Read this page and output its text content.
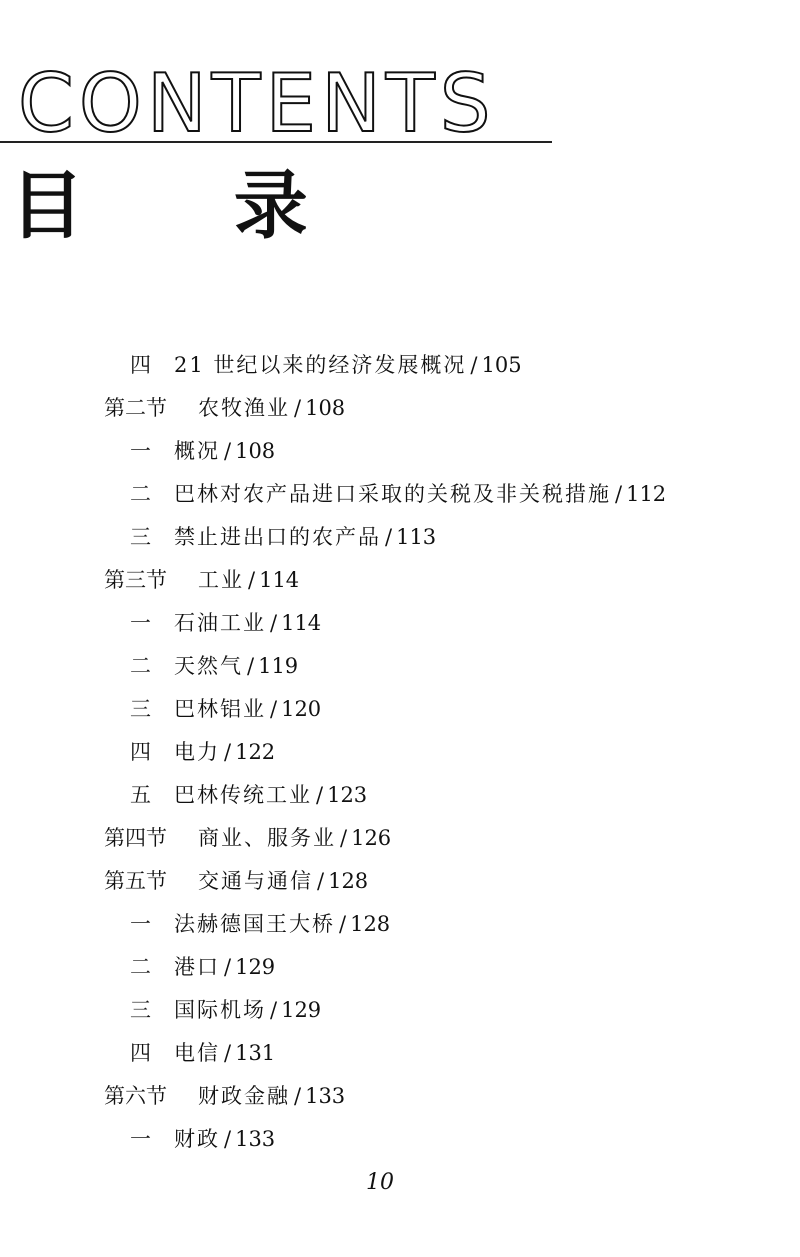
CONTENTS
目 录
四 21 世纪以来的经济发展概况 / 105
第二节 农牧渔业 / 108
一 概况 / 108
二 巴林对农产品进口采取的关税及非关税措施 / 112
三 禁止进出口的农产品 / 113
第三节 工业 / 114
一 石油工业 / 114
二 天然气 / 119
三 巴林铝业 / 120
四 电力 / 122
五 巴林传统工业 / 123
第四节 商业、服务业 / 126
第五节 交通与通信 / 128
一 法赫德国王大桥 / 128
二 港口 / 129
三 国际机场 / 129
四 电信 / 131
第六节 财政金融 / 133
一 财政 / 133
10
